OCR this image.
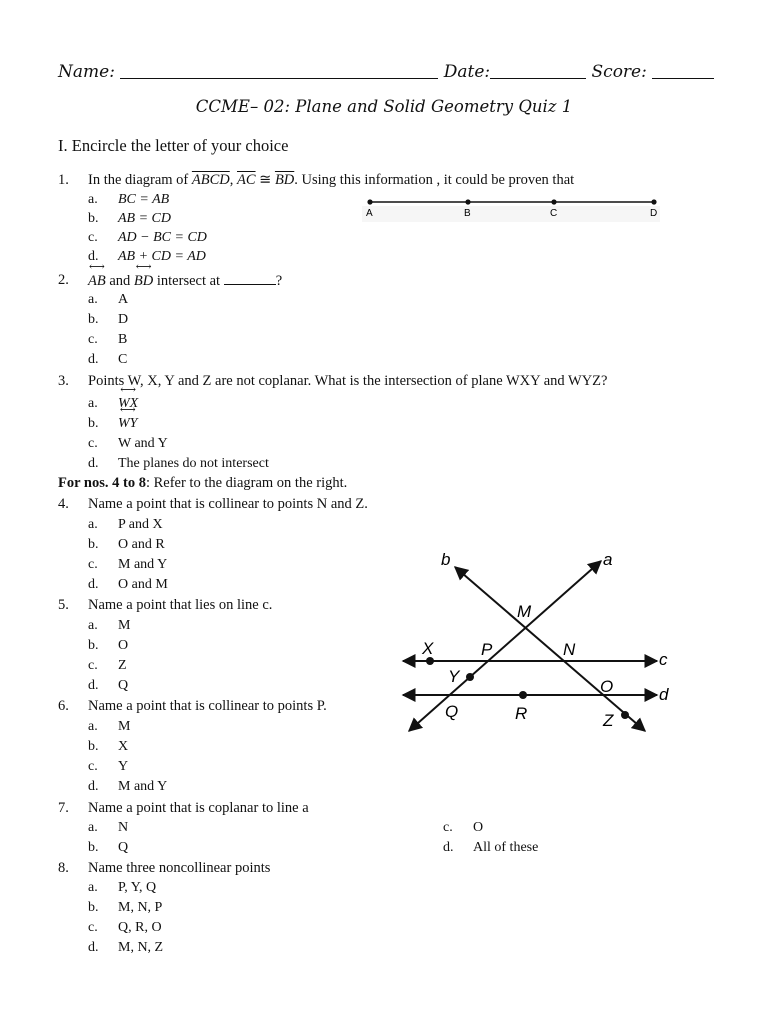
Name:	Date:	Score:
CCME– 02: Plane and Solid Geometry Quiz 1
I. Encircle the letter of your choice
1. In the diagram of ABCD, $\overline{AC}$ ≅ $\overline{BD}$. Using this information , it could be proven that
a. BC = AB
b. AB = CD
c. AD − BC = CD
d. AB + CD = AD
A	B	C	D
2. ⟷ AB and ⟷ BD intersect at	?
a. A
b. D
c. B
d. C
3. Points W, X, Y and Z are not coplanar. What is the intersection of plane WXY and WYZ?
a. ⟷ WX
b. ⟷ WY
c. W and Y
d. The planes do not intersect
For nos. 4 to 8: Refer to the diagram on the right.
4. Name a point that is collinear to points N and Z.
a. P and X
b. O and R
c. M and Y
d. O and M
5. Name a point that lies on line c.
a. M
b. O
c. Z
d. Q
6. Name a point that is collinear to points P.
a. M
b. X
c. Y
d. M and Y
7. Name a point that is coplanar to line a
a. N
b. Q
c. O
d. All of these
8. Name three noncollinear points
a. P, Y, Q
b. M, N, P
c. Q, R, O
d. M, N, Z
b	a
M
X	P	N
c
Y
O	d
Q	R	Z
